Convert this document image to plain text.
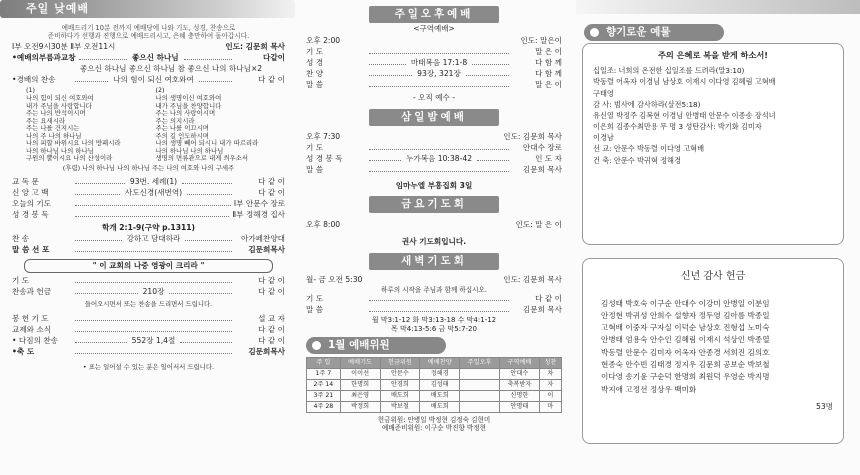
주일 낮예배
예배드리기 10분 전까지 예배당에 나와 기도, 성경, 찬송으로
준비하다가 선행과 진행으로 예배드리시고, 은혜 충만하여 돌아갑시다.
Ⅰ부 오전9시30분 Ⅱ부 오전11시	인도: 김문희 목사
•예배의부름과교창	좋으신 하나님	다같이
좋으신 하나님 좋으신 하나님 참 좋으신 나의 하나님×2
•경배의 찬송	나의 힘이 되신 여호와여	다 같 이
(1)
나의 힘이 되신 여호와여
내가 주님을 사랑합니다
주는 나의 반석이시며
주는 요새시라
주는 나를 건지시는
나의 주 나의 하나님
나의 피할 바위시요 나의 방패시라
나의 하나님 나의 하나님
구원의 뿔이시요 나의 산성이라
(2)
나의 생명이신 여호와여
내가 주님을 찬양합니다
주는 나의 사랑이시며
주는 의지시라
주는 나를 이끄시며
주의 길 인도하시며
나의 생명 빼어 되시니 내가 따르리라
나의 하나님 나의 하나님
생명의 면류관으로 내게 씌우소서
(후렴) 나의 하나님 나의 하나님 주는 나의 여호와 나의 구세주
교 독 문	93번. 세례(1)	다 같 이
신 앙 고 백	사도신경(새번역)	다 같 이
오늘의 기도	Ⅰ부 안문수 장로
성 경 봉 독	Ⅱ부 정해경 집사
학개 2:1-9(구약 p.1311)
찬 송	강하고 담대하라	아가페찬양대
말 씀 선 포	김문희목사
" 이 교회의 나중 영광이 크리라 "
기 도	다 같 이
찬송과 헌금	210장	다 같 이
들어오시면서 또는 찬송을 드리면서 드립니다.
봉 헌 기 도	설 교 자
교제와 소식	다 같 이
• 다짐의 찬송	552장 1,4절	다 같 이
•축 도	김문희목사
• 표는 일어설 수 있는 분은 일어서서 드립니다.
주일오후예배
<구역예배>
오후 2:00	인도: 말은이
기 도	말 은 이
성 경	마태복음 17:1-8	다 함 께
찬 양	93장, 321장	다 함 께
말 씀	말 은 이
- 오직 예수 -
삼일밤예배
오후 7:30	인도: 김문희 목사
기 도	안대수 장로
성 경 봉 독	누가복음 10:38-42	인 도 자
말 씀	김문희 목사
임마누엘 부흥집회 3일
금요기도회
오후 8:00	인도: 말 은 이
권사 기도회입니다.
새벽기도회
월- 금 오전 5:30	인도: 김문희 목사
하루의 시작을 주님과 함께 하십시오.
기 도	다 같 이
말 씀	김문희 목사
월 막3:1-12 화 막3:13-18 수 막4:1-12
목 막4:13-5:6 금 막5:7-20
1월 예배위원
주 일	예배기도	헌금위원	예배찬양	주일오후	구역예배	성찬
1주 7	이이선	안문수	정해경		안대수	차
2주 14	한명희	안경희	김성태		축복받자	자
3주 21	최은영	배도희	배도희		신명한	이
4주 28	박정희	박보철	배도희		안명태	마
헌금위원: 안병일 박정현 김정숙 김현미
예배준비위원: 이구순 박진향 박정현
향기로운 예물
주의 은혜로 복을 받게 하소서!
십일조: 너희의 온전한 십일조를 드려라(말3:10)
박동렬 어옥자 이경님 남상호 이재시 이다영 김혜림 고혁배
구태영
감 사: 범사에 감사하라(살전5:18)
유신열 박정주 김복현 이경님 안병태 안문수 이종송 장석녀
이은희 김종수최만용 무 명 3 성탄감사: 박기화 김미자
이경남
선 교: 안문수 박동렬 이다영 고혁배
건 축: 안문수 박귀혁 정해경
신년 감사 헌금
김성태 박호숙 이구순 안대수 이강미 안병일 이분임
안정현 박귀성 안희수 설향자 정두영 김아름 박종일
고혁배 이중자 구자실 이덕순 남상호 진형섭 노미숙
안병태 엄용숙 안수인 김혜림 이재시 석상인 박종열
박동렬 안문수 김미자 어옥자 안종경 서희진 김의호
현종숙 안수빈 김태경 정지우 김문희 공보순 박보철
이다영 송기윤 구순덕 한명희 최원덕 우영순 박지명
박지애 고정선 정상우 백미화
53명
